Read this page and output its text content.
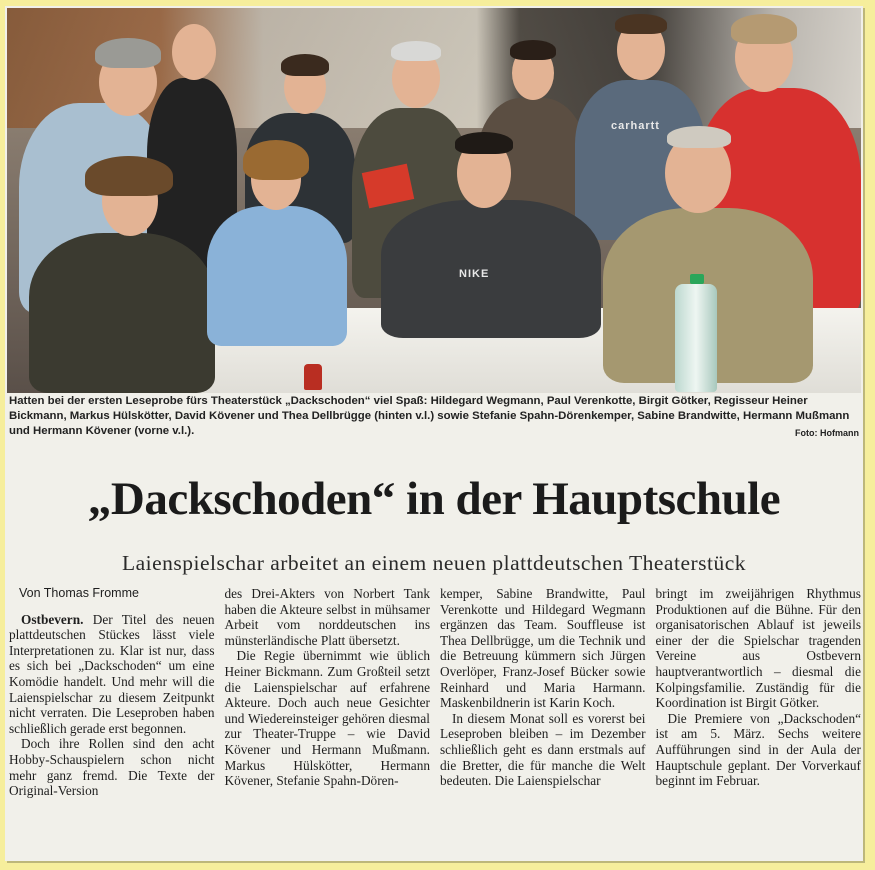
carhartt
NIKE
Hatten bei der ersten Leseprobe fürs Theaterstück „Dackschoden“ viel Spaß: Hildegard Wegmann, Paul Verenkotte, Birgit Götker, Regisseur Heiner Bickmann, Markus Hülskötter, David Kövener und Thea Dellbrügge (hinten v.l.) sowie Stefanie Spahn-Dörenkemper, Sabine Brandwitte, Hermann Mußmann und Hermann Kövener (vorne v.l.).	Foto: Hofmann
„Dackschoden“ in der Hauptschule
Laienspielschar arbeitet an einem neuen plattdeutschen Theaterstück

Von Thomas Fromme

Ostbevern. Der Titel des neuen plattdeutschen Stückes lässt viele Interpretationen zu. Klar ist nur, dass es sich bei „Dackschoden“ um eine Komödie handelt. Und mehr will die Laienspielschar zu diesem Zeitpunkt nicht verraten. Die Leseproben haben schließlich gerade erst begonnen.

Doch ihre Rollen sind den acht Hobby-Schauspielern schon nicht mehr ganz fremd. Die Texte der Original-Version

des Drei-Akters von Norbert Tank haben die Akteure selbst in mühsamer Arbeit vom norddeutschen ins münsterländische Platt übersetzt.

Die Regie übernimmt wie üblich Heiner Bickmann. Zum Großteil setzt die Laienspielschar auf erfahrene Akteure. Doch auch neue Gesichter und Wiedereinsteiger gehören diesmal zur Theater-Truppe – wie David Kövener und Hermann Mußmann. Markus Hülskötter, Hermann Kövener, Stefanie Spahn-Dören-

kemper, Sabine Brandwitte, Paul Verenkotte und Hildegard Wegmann ergänzen das Team. Souffleuse ist Thea Dellbrügge, um die Technik und die Betreuung kümmern sich Jürgen Overlöper, Franz-Josef Bücker sowie Reinhard und Maria Harmann. Maskenbildnerin ist Karin Koch.

In diesem Monat soll es vorerst bei Leseproben bleiben – im Dezember schließlich geht es dann erstmals auf die Bretter, die für manche die Welt bedeuten. Die Laienspielschar

bringt im zweijährigen Rhythmus Produktionen auf die Bühne. Für den organisatorischen Ablauf ist jeweils einer der die Spielschar tragenden Vereine aus Ostbevern hauptverantwortlich – diesmal die Kolpingsfamilie. Zuständig für die Koordination ist Birgit Götker.

Die Premiere von „Dackschoden“ ist am 5. März. Sechs weitere Aufführungen sind in der Aula der Hauptschule geplant. Der Vorverkauf beginnt im Februar.
